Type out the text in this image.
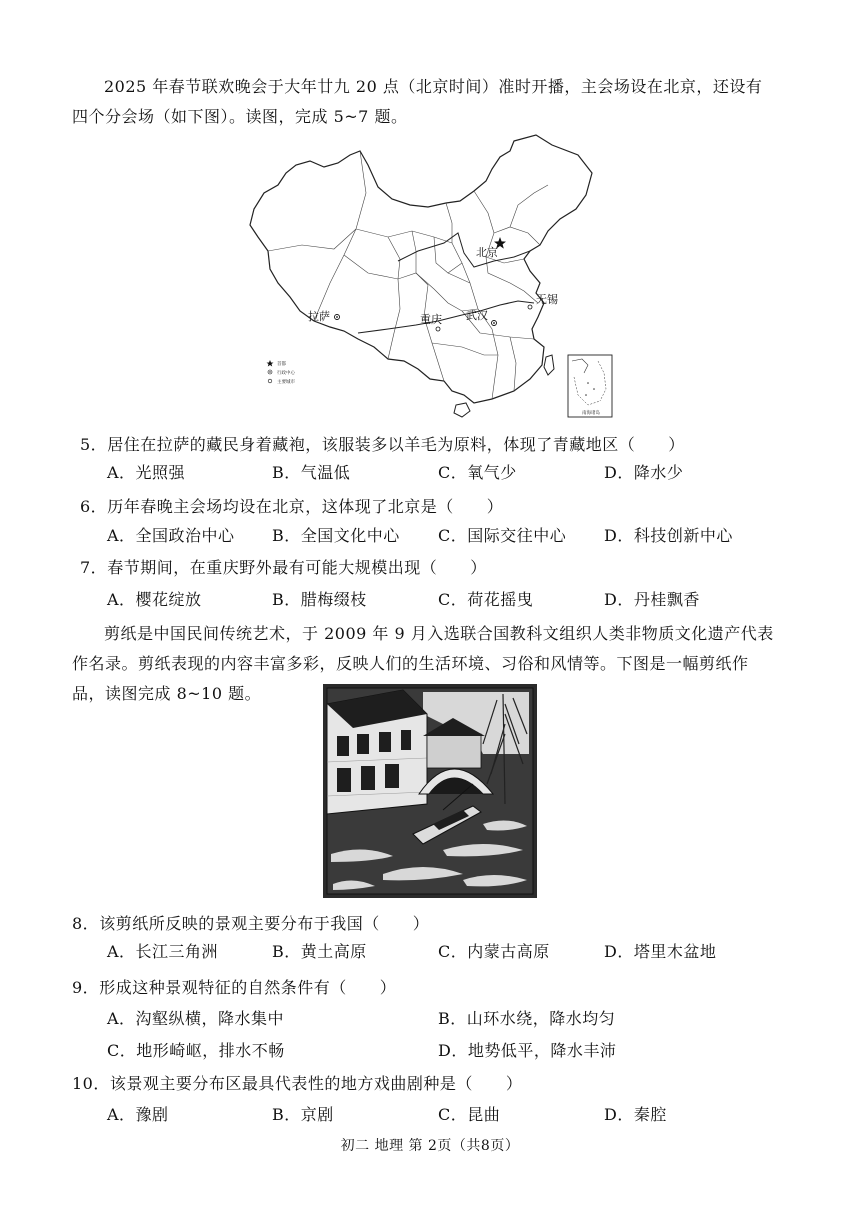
2025 年春节联欢晚会于大年廿九 20 点（北京时间）准时开播，主会场设在北京，还设有
四个分会场（如下图）。读图，完成 5~7 题。
北京
无锡
拉萨	重庆 武汉
首都
行政中心
主要城市
南海诸岛
5．居住在拉萨的藏民身着藏袍，该服装多以羊毛为原料，体现了青藏地区（　　）
A．光照强	B．气温低	C．氧气少	D．降水少
6．历年春晚主会场均设在北京，这体现了北京是（　　）
A．全国政治中心 B．全国文化中心 C．国际交往中心 D．科技创新中心
7．春节期间，在重庆野外最有可能大规模出现（　　）
A．樱花绽放	B．腊梅缀枝	C．荷花摇曳	D．丹桂飘香
剪纸是中国民间传统艺术，于 2009 年 9 月入选联合国教科文组织人类非物质文化遗产代表
作名录。剪纸表现的内容丰富多彩，反映人们的生活环境、习俗和风情等。下图是一幅剪纸作
品，读图完成 8~10 题。
8．该剪纸所反映的景观主要分布于我国（　　）
A．长江三角洲	B．黄土高原	C．内蒙古高原	D．塔里木盆地
9．形成这种景观特征的自然条件有（　　）
A．沟壑纵横，降水集中	B．山环水绕，降水均匀
C．地形崎岖，排水不畅	D．地势低平，降水丰沛
10．该景观主要分布区最具代表性的地方戏曲剧种是（　　）
A．豫剧	B．京剧	C．昆曲	D．秦腔
初二 地理 第 2页（共8页）
